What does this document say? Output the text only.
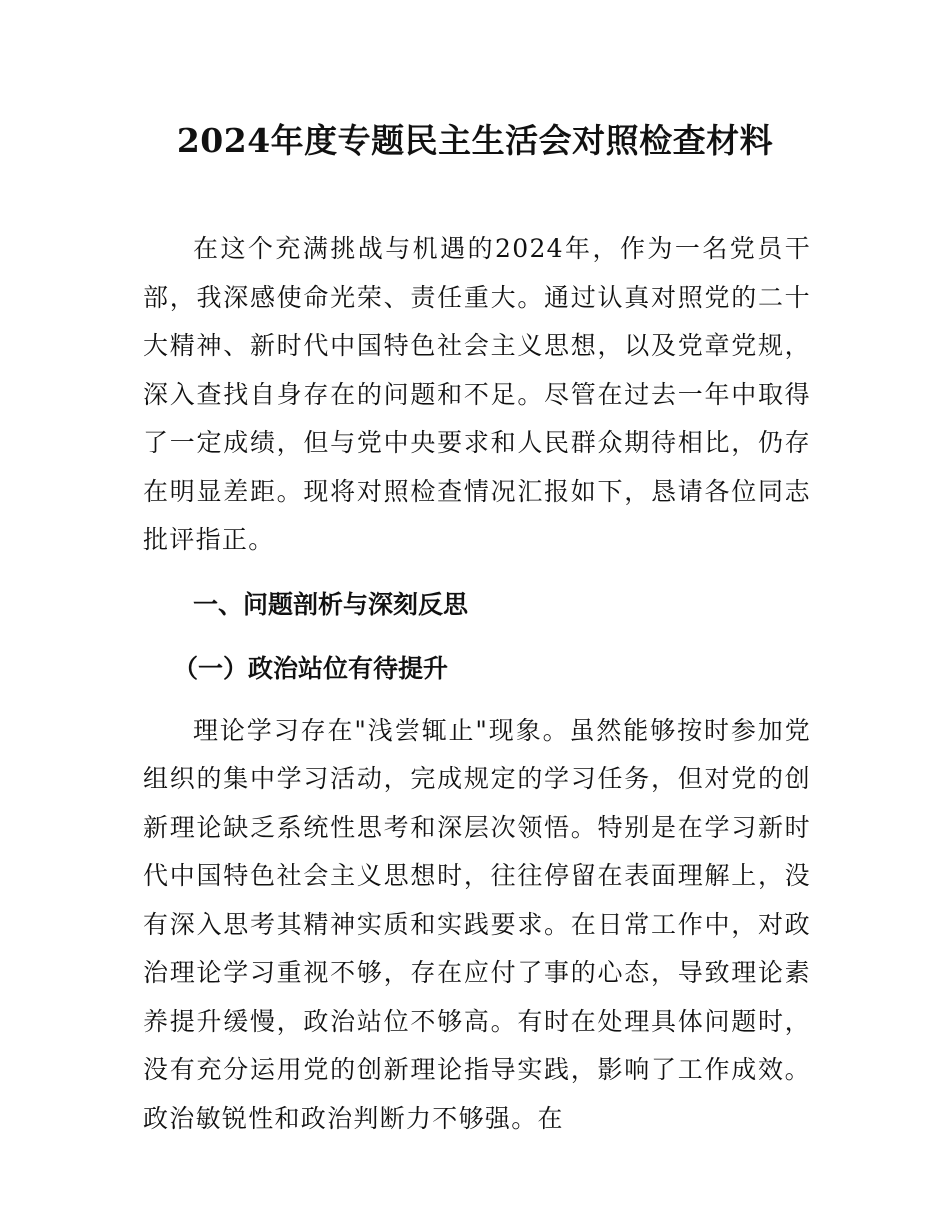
2024年度专题民主生活会对照检查材料

在这个充满挑战与机遇的2024年，作为一名党员干部，我深感使命光荣、责任重大。通过认真对照党的二十大精神、新时代中国特色社会主义思想，以及党章党规，深入查找自身存在的问题和不足。尽管在过去一年中取得了一定成绩，但与党中央要求和人民群众期待相比，仍存在明显差距。现将对照检查情况汇报如下，恳请各位同志批评指正。

一、问题剖析与深刻反思

（一）政治站位有待提升

理论学习存在"浅尝辄止"现象。虽然能够按时参加党组织的集中学习活动，完成规定的学习任务，但对党的创新理论缺乏系统性思考和深层次领悟。特别是在学习新时代中国特色社会主义思想时，往往停留在表面理解上，没有深入思考其精神实质和实践要求。在日常工作中，对政治理论学习重视不够，存在应付了事的心态，导致理论素养提升缓慢，政治站位不够高。有时在处理具体问题时，没有充分运用党的创新理论指导实践，影响了工作成效。政治敏锐性和政治判断力不够强。在
